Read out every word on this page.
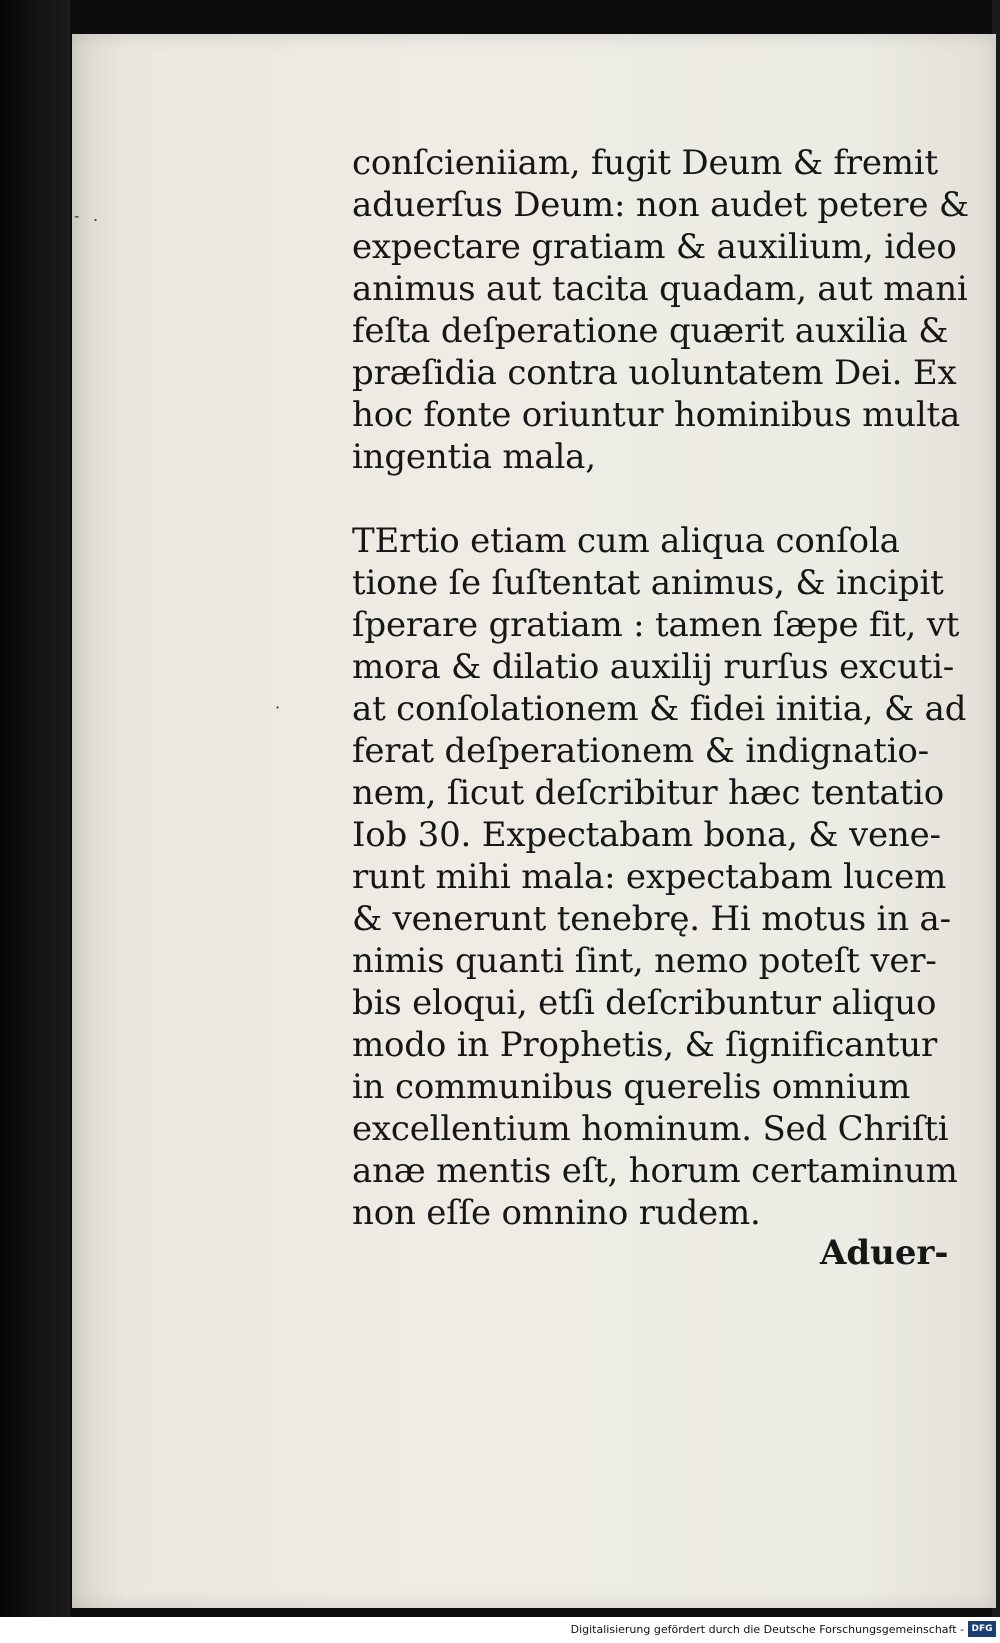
- .
·
conſcieniiam, fugit Deum & fremit
aduerſus Deum: non audet petere &
expectare gratiam & auxilium, ideo
animus aut tacita quadam, aut mani
feſta deſperatione quærit auxilia &
præſidia contra uoluntatem Dei. Ex
hoc fonte oriuntur hominibus multa
ingentia mala,
TErtio etiam cum aliqua conſola
tione ſe ſuſtentat animus, & incipit
ſperare gratiam : tamen ſæpe fit, vt
mora & dilatio auxilij rurſus excuti-
at conſolationem & fidei initia, & ad
ferat deſperationem & indignatio-
nem, ſicut deſcribitur hæc tentatio
Iob 30. Expectabam bona, & vene-
runt mihi mala: expectabam lucem
& venerunt tenebrę. Hi motus in a-
nimis quanti ſint, nemo poteſt ver-
bis eloqui, etſi deſcribuntur aliquo
modo in Prophetis, & ſignificantur
in communibus querelis omnium
excellentium hominum. Sed Chriſti
anæ mentis eſt, horum certaminum
non eſſe omnino rudem.
Aduer-
Digitalisierung gefördert durch die Deutsche Forschungsgemeinschaft - DFG
